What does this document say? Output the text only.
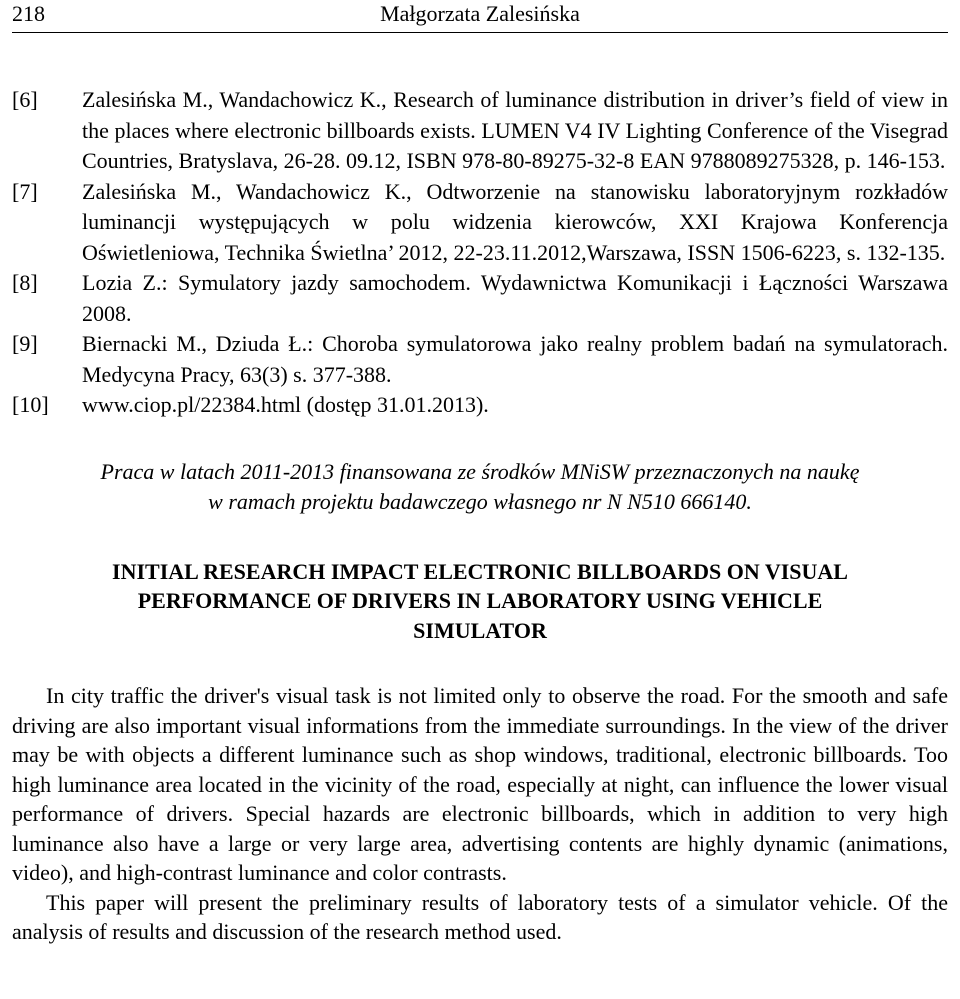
218	Małgorzata Zalesińska
[6]	Zalesińska M., Wandachowicz K., Research of luminance distribution in driver’s field of view in the places where electronic billboards exists. LUMEN V4 IV Lighting Conference of the Visegrad Countries, Bratyslava, 26-28. 09.12, ISBN 978-80-89275-32-8 EAN 9788089275328, p. 146-153.
[7]	Zalesińska M., Wandachowicz K., Odtworzenie na stanowisku laboratoryjnym rozkładów luminancji występujących w polu widzenia kierowców, XXI Krajowa Konferencja Oświetleniowa, Technika Świetlna’ 2012, 22-23.11.2012,Warszawa, ISSN 1506-6223, s. 132-135.
[8]	Lozia Z.: Symulatory jazdy samochodem. Wydawnictwa Komunikacji i Łączności Warszawa 2008.
[9]	Biernacki M., Dziuda Ł.: Choroba symulatorowa jako realny problem badań na symulatorach. Medycyna Pracy, 63(3) s. 377-388.
[10]	www.ciop.pl/22384.html (dostęp 31.01.2013).

Praca w latach 2011-2013 finansowana ze środków MNiSW przeznaczonych na naukę

w ramach projektu badawczego własnego nr N N510 666140.

INITIAL RESEARCH IMPACT ELECTRONIC BILLBOARDS ON VISUAL

PERFORMANCE OF DRIVERS IN LABORATORY USING VEHICLE

SIMULATOR

In city traffic the driver's visual task is not limited only to observe the road. For the smooth and safe driving are also important visual informations from the immediate surroundings. In the view of the driver may be with objects a different luminance such as shop windows, traditional, electronic billboards. Too high luminance area located in the vicinity of the road, especially at night, can influence the lower visual performance of drivers. Special hazards are electronic billboards, which in addition to very high luminance also have a large or very large area, advertising contents are highly dynamic (animations, video), and high-contrast luminance and color contrasts.

This paper will present the preliminary results of laboratory tests of a simulator vehicle. Of the analysis of results and discussion of the research method used.
